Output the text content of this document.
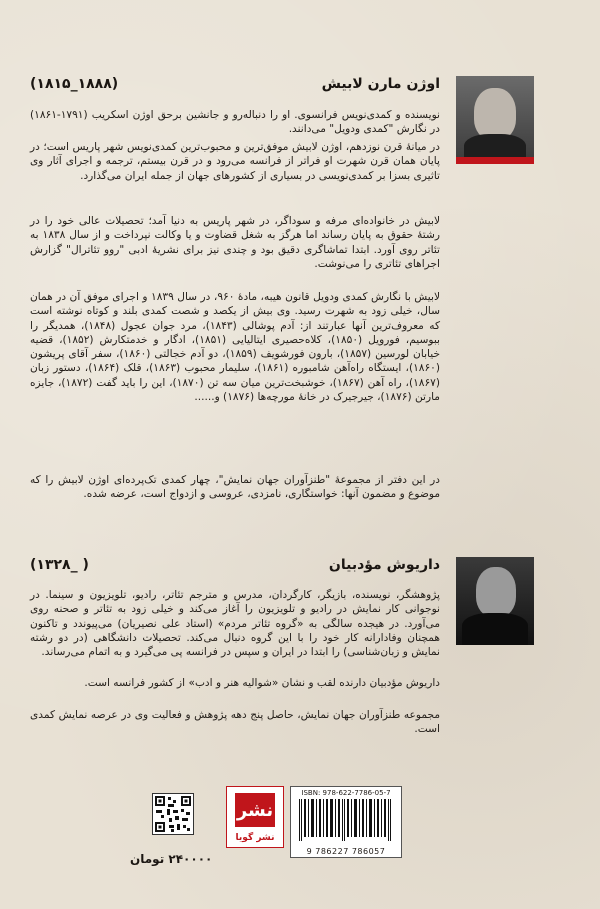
اوژن مارن لابیش
(۱۸۱۵_۱۸۸۸)

نویسنده و کمدی‌نویس فرانسوی. او را دنباله‌رو و جانشین برحق اوژن اسکریب (۱۷۹۱-۱۸۶۱) در نگارش "کمدی ودویل" می‌دانند.

در میانهٔ قرن نوزدهم، اوژن لابیش موفق‌ترین و محبوب‌ترین کمدی‌نویس شهر پاریس است؛ در پایان همان قرن شهرت او فراتر از فرانسه می‌رود و در قرن بیستم، ترجمه و اجرای آثار وی تاثیری بسزا بر کمدی‌نویسی در بسیاری از کشورهای جهان از جمله ایران می‌گذارد.

لابیش در خانواده‌ای مرفه و سوداگر، در شهر پاریس به دنیا آمد؛ تحصیلات عالی خود را در رشتهٔ حقوق به پایان رساند اما هرگز به شغل قضاوت و یا وکالت نپرداخت و از سال ۱۸۳۸ به تئاتر روی آورد. ابتدا تماشاگری دقیق بود و چندی نیز برای نشریهٔ ادبی "روو تئاترال" گزارش اجراهای تئاتری را می‌نوشت.

لابیش با نگارش کمدی ودویل قانون هیبه، مادهٔ ۹۶۰، در سال ۱۸۳۹ و اجرای موفق آن در همان سال، خیلی زود به شهرت رسید. وی بیش از یکصد و شصت کمدی بلند و کوتاه نوشته است که معروف‌ترین آنها عبارتند از: آدم پوشالی (۱۸۴۳)، مرد جوان عجول (۱۸۴۸)، همدیگر را ببوسیم، فورویل (۱۸۵۰)، کلاه‌حصیری ایتالیایی (۱۸۵۱)، ادگار و خدمتکارش (۱۸۵۲)، قضیه خیابان لورسین (۱۸۵۷)، بارون فورشویف (۱۸۵۹)، دو آدم خجالتی (۱۸۶۰)، سفر آقای پریشون (۱۸۶۰)، ایستگاه راه‌آهن شامبوره (۱۸۶۱)، سلیمار محبوب (۱۸۶۳)، قلک (۱۸۶۴)، دستور زبان (۱۸۶۷)، راه آهن (۱۸۶۷)، خوشبخت‌ترین میان سه تن (۱۸۷۰)، این را باید گفت (۱۸۷۲)، جایزه مارتن (۱۸۷۶)، جیرجیرک در خانهٔ مورچه‌ها (۱۸۷۶) و......

در این دفتر از مجموعهٔ "طنزآوران جهان نمایش"، چهار کمدی تک‌پرده‌ای اوژن لابیش را که موضوع و مضمون آنها: خواستگاری، نامزدی، عروسی و ازدواج است، عرضه شده.

داریوش مؤدبیان
(۱۳۲۸_ )

پژوهشگر، نویسنده، بازیگر، کارگردان، مدرس و مترجم تئاتر، رادیو، تلویزیون و سینما. در نوجوانی کار نمایش در رادیو و تلویزیون را آغاز می‌کند و خیلی زود به تئاتر و صحنه روی می‌آورد. در هیجده سالگی به «گروه تئاتر مردم» (استاد علی نصیریان) می‌پیوندد و تاکنون همچنان وفادارانه کار خود را با این گروه دنبال می‌کند. تحصیلات دانشگاهی (در دو رشته نمایش و زبان‌شناسی) را ابتدا در ایران و سپس در فرانسه پی می‌گیرد و به اتمام می‌رساند.

داریوش مؤدبیان دارنده لقب و نشان «شوالیه هنر و ادب» از کشور فرانسه است.

مجموعه طنزآوران جهان نمایش، حاصل پنج دهه پژوهش و فعالیت وی در عرصه نمایش کمدی است.

نشر
نشر گویا
ISBN: 978-622-7786-05-7
9 786227 786057
۲۴۰۰۰۰ تومان
